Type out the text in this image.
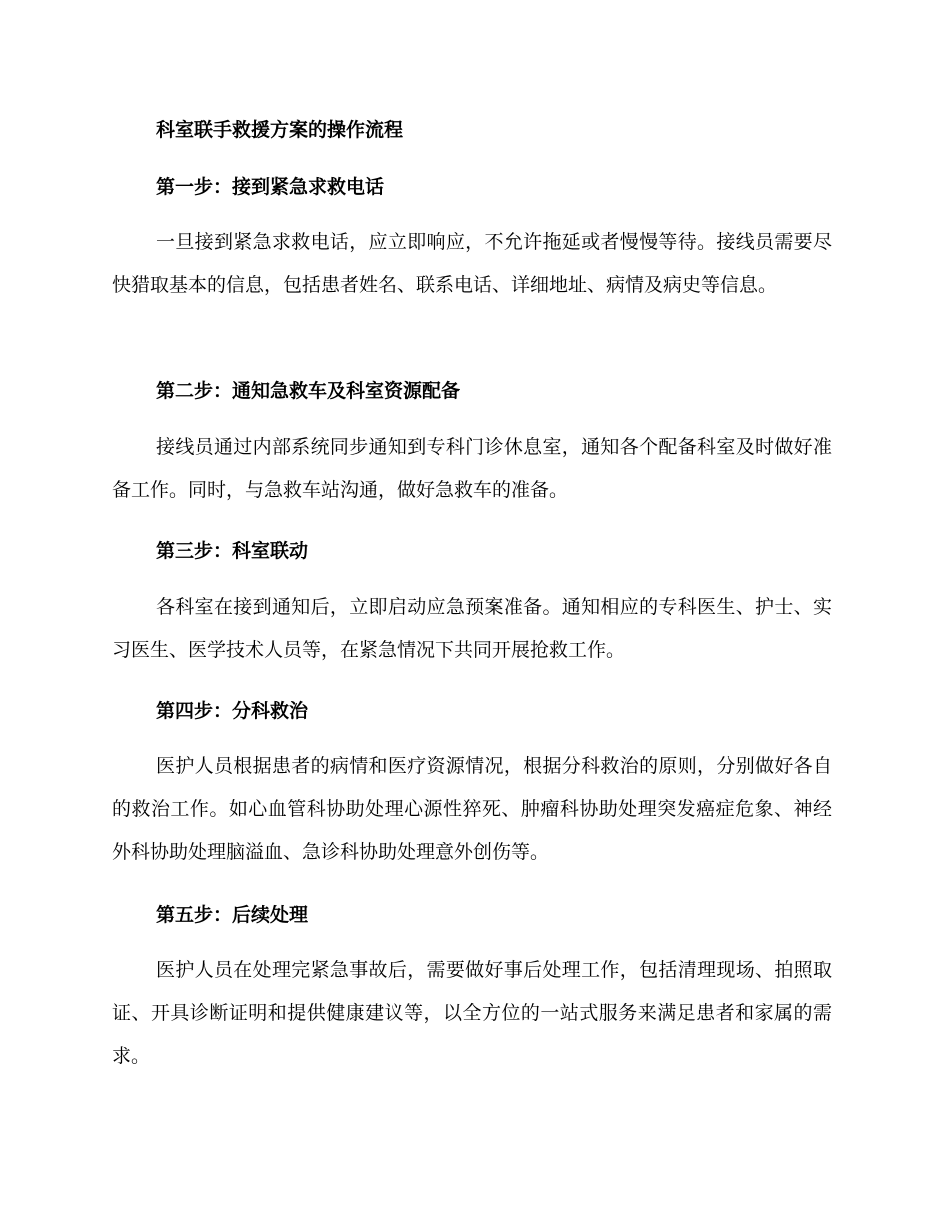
科室联手救援方案的操作流程
第一步：接到紧急求救电话

一旦接到紧急求救电话，应立即响应，不允许拖延或者慢慢等待。接线员需要尽快猎取基本的信息，包括患者姓名、联系电话、详细地址、病情及病史等信息。

第二步：通知急救车及科室资源配备

接线员通过内部系统同步通知到专科门诊休息室，通知各个配备科室及时做好准备工作。同时，与急救车站沟通，做好急救车的准备。

第三步：科室联动

各科室在接到通知后，立即启动应急预案准备。通知相应的专科医生、护士、实习医生、医学技术人员等，在紧急情况下共同开展抢救工作。

第四步：分科救治

医护人员根据患者的病情和医疗资源情况，根据分科救治的原则，分别做好各自的救治工作。如心血管科协助处理心源性猝死、肿瘤科协助处理突发癌症危象、神经外科协助处理脑溢血、急诊科协助处理意外创伤等。

第五步：后续处理

医护人员在处理完紧急事故后，需要做好事后处理工作，包括清理现场、拍照取证、开具诊断证明和提供健康建议等，以全方位的一站式服务来满足患者和家属的需求。
